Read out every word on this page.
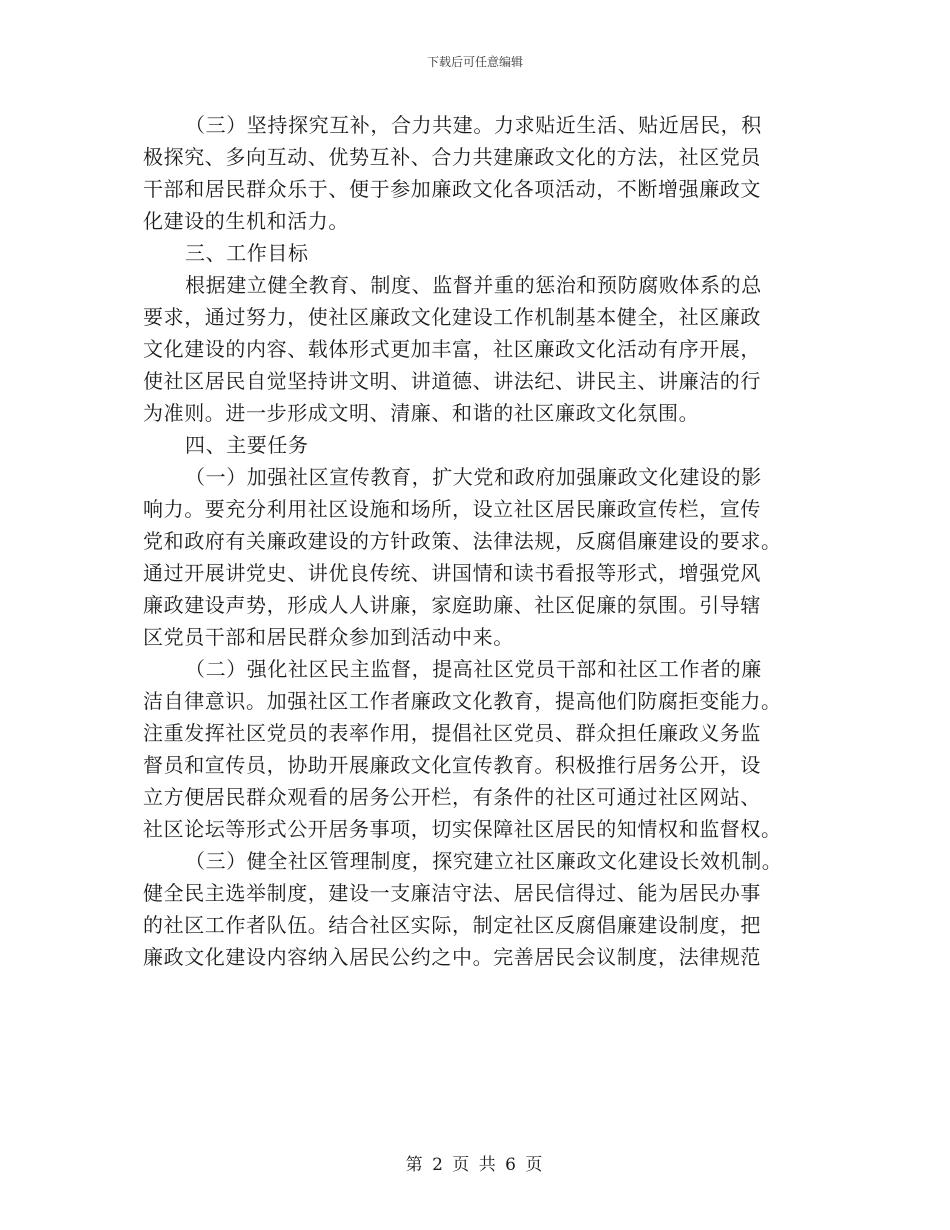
下载后可任意编辑
（三）坚持探究互补，合力共建。力求贴近生活、贴近居民，积
极探究、多向互动、优势互补、合力共建廉政文化的方法，社区党员
干部和居民群众乐于、便于参加廉政文化各项活动，不断增强廉政文
化建设的生机和活力。
三、工作目标
根据建立健全教育、制度、监督并重的惩治和预防腐败体系的总
要求，通过努力，使社区廉政文化建设工作机制基本健全，社区廉政
文化建设的内容、载体形式更加丰富，社区廉政文化活动有序开展，
使社区居民自觉坚持讲文明、讲道德、讲法纪、讲民主、讲廉洁的行
为准则。进一步形成文明、清廉、和谐的社区廉政文化氛围。
四、主要任务
（一）加强社区宣传教育，扩大党和政府加强廉政文化建设的影
响力。要充分利用社区设施和场所，设立社区居民廉政宣传栏，宣传
党和政府有关廉政建设的方针政策、法律法规，反腐倡廉建设的要求。
通过开展讲党史、讲优良传统、讲国情和读书看报等形式，增强党风
廉政建设声势，形成人人讲廉，家庭助廉、社区促廉的氛围。引导辖
区党员干部和居民群众参加到活动中来。
（二）强化社区民主监督，提高社区党员干部和社区工作者的廉
洁自律意识。加强社区工作者廉政文化教育，提高他们防腐拒变能力。
注重发挥社区党员的表率作用，提倡社区党员、群众担任廉政义务监
督员和宣传员，协助开展廉政文化宣传教育。积极推行居务公开，设
立方便居民群众观看的居务公开栏，有条件的社区可通过社区网站、
社区论坛等形式公开居务事项，切实保障社区居民的知情权和监督权。
（三）健全社区管理制度，探究建立社区廉政文化建设长效机制。
健全民主选举制度，建设一支廉洁守法、居民信得过、能为居民办事
的社区工作者队伍。结合社区实际，制定社区反腐倡廉建设制度，把
廉政文化建设内容纳入居民公约之中。完善居民会议制度，法律规范
第 2 页 共 6 页
